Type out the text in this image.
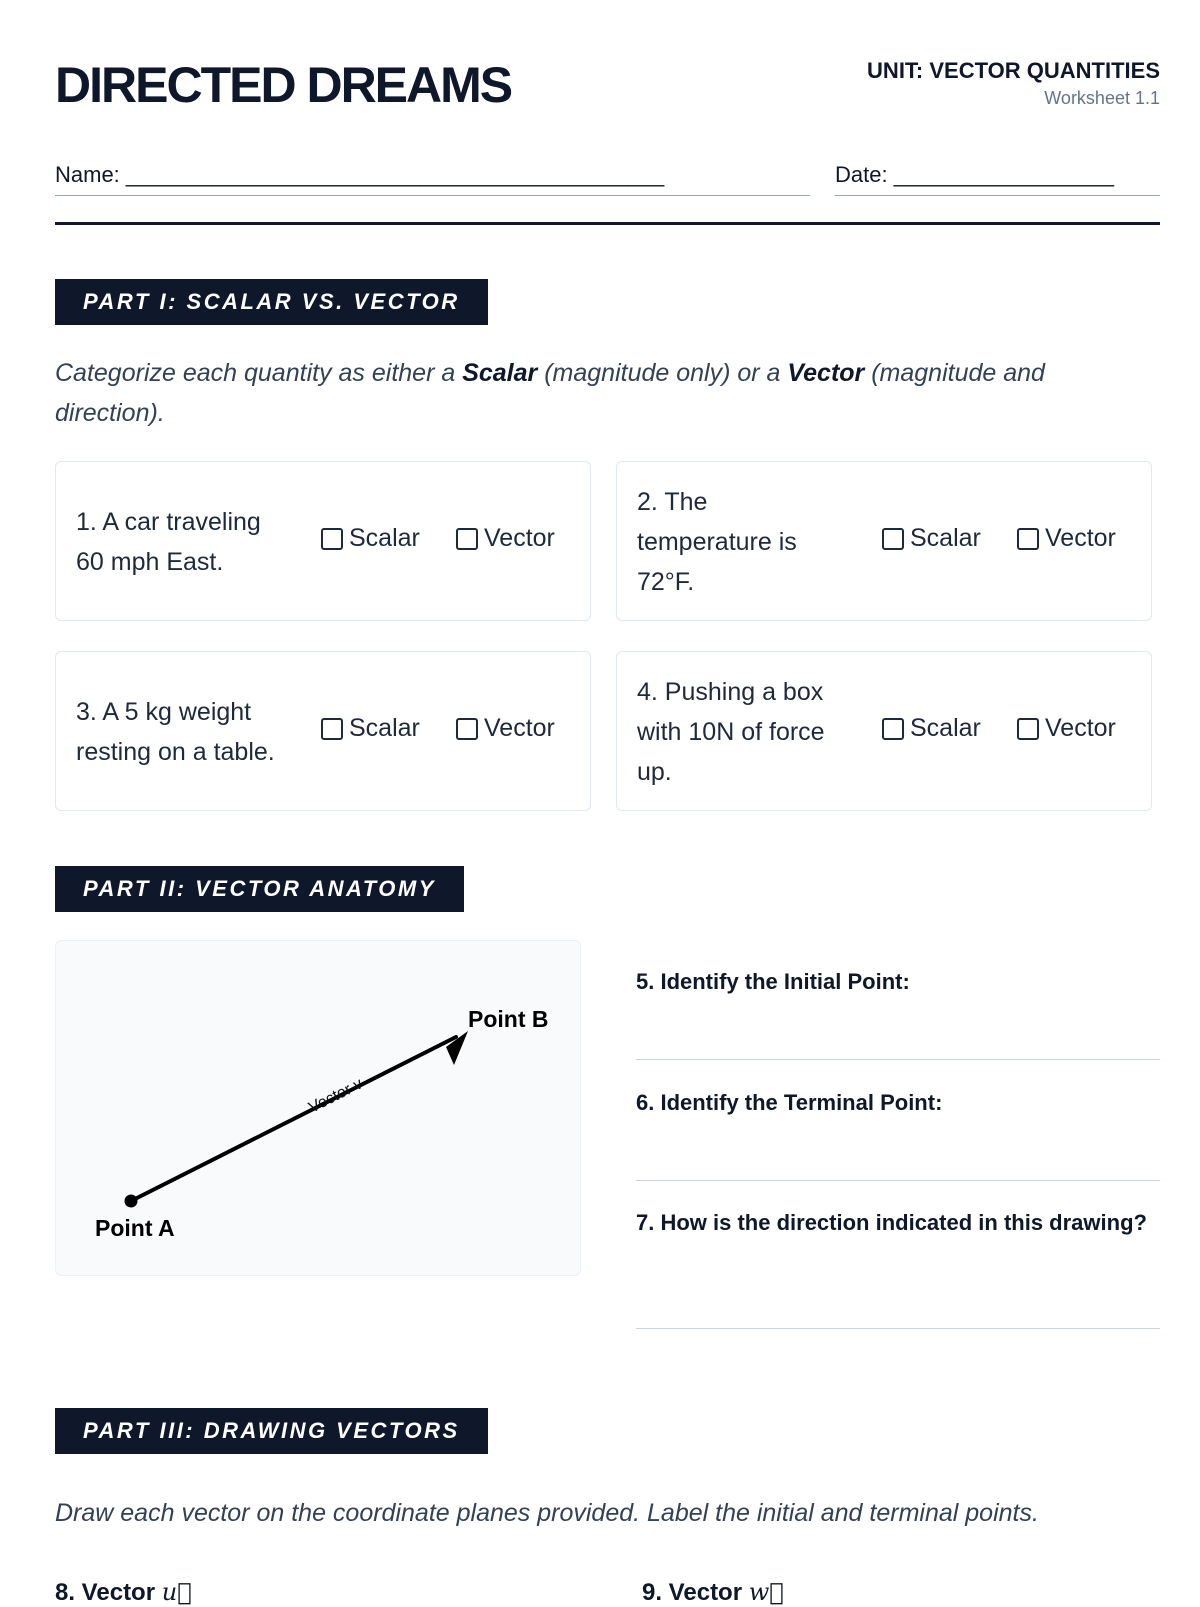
DIRECTED DREAMS	UNIT: VECTOR QUANTITIES
Worksheet 1.1
Name: ____________________________________________	Date: __________________
PART I: SCALAR VS. VECTOR
Categorize each quantity as either a Scalar (magnitude only) or a Vector (magnitude and direction).
1. A car traveling
60 mph East.
Scalar	Vector
2. The
temperature is
72°F.
Scalar	Vector
3. A 5 kg weight
resting on a table.
Scalar	Vector
4. Pushing a box
with 10N of force
up.
Scalar	Vector
PART II: VECTOR ANATOMY
Point A
Point B
Vector v
5. Identify the Initial Point:
6. Identify the Terminal Point:
7. How is the direction indicated in this drawing?
PART III: DRAWING VECTORS
Draw each vector on the coordinate planes provided. Label the initial and terminal points.
8. Vector u⃗	9. Vector w⃗
